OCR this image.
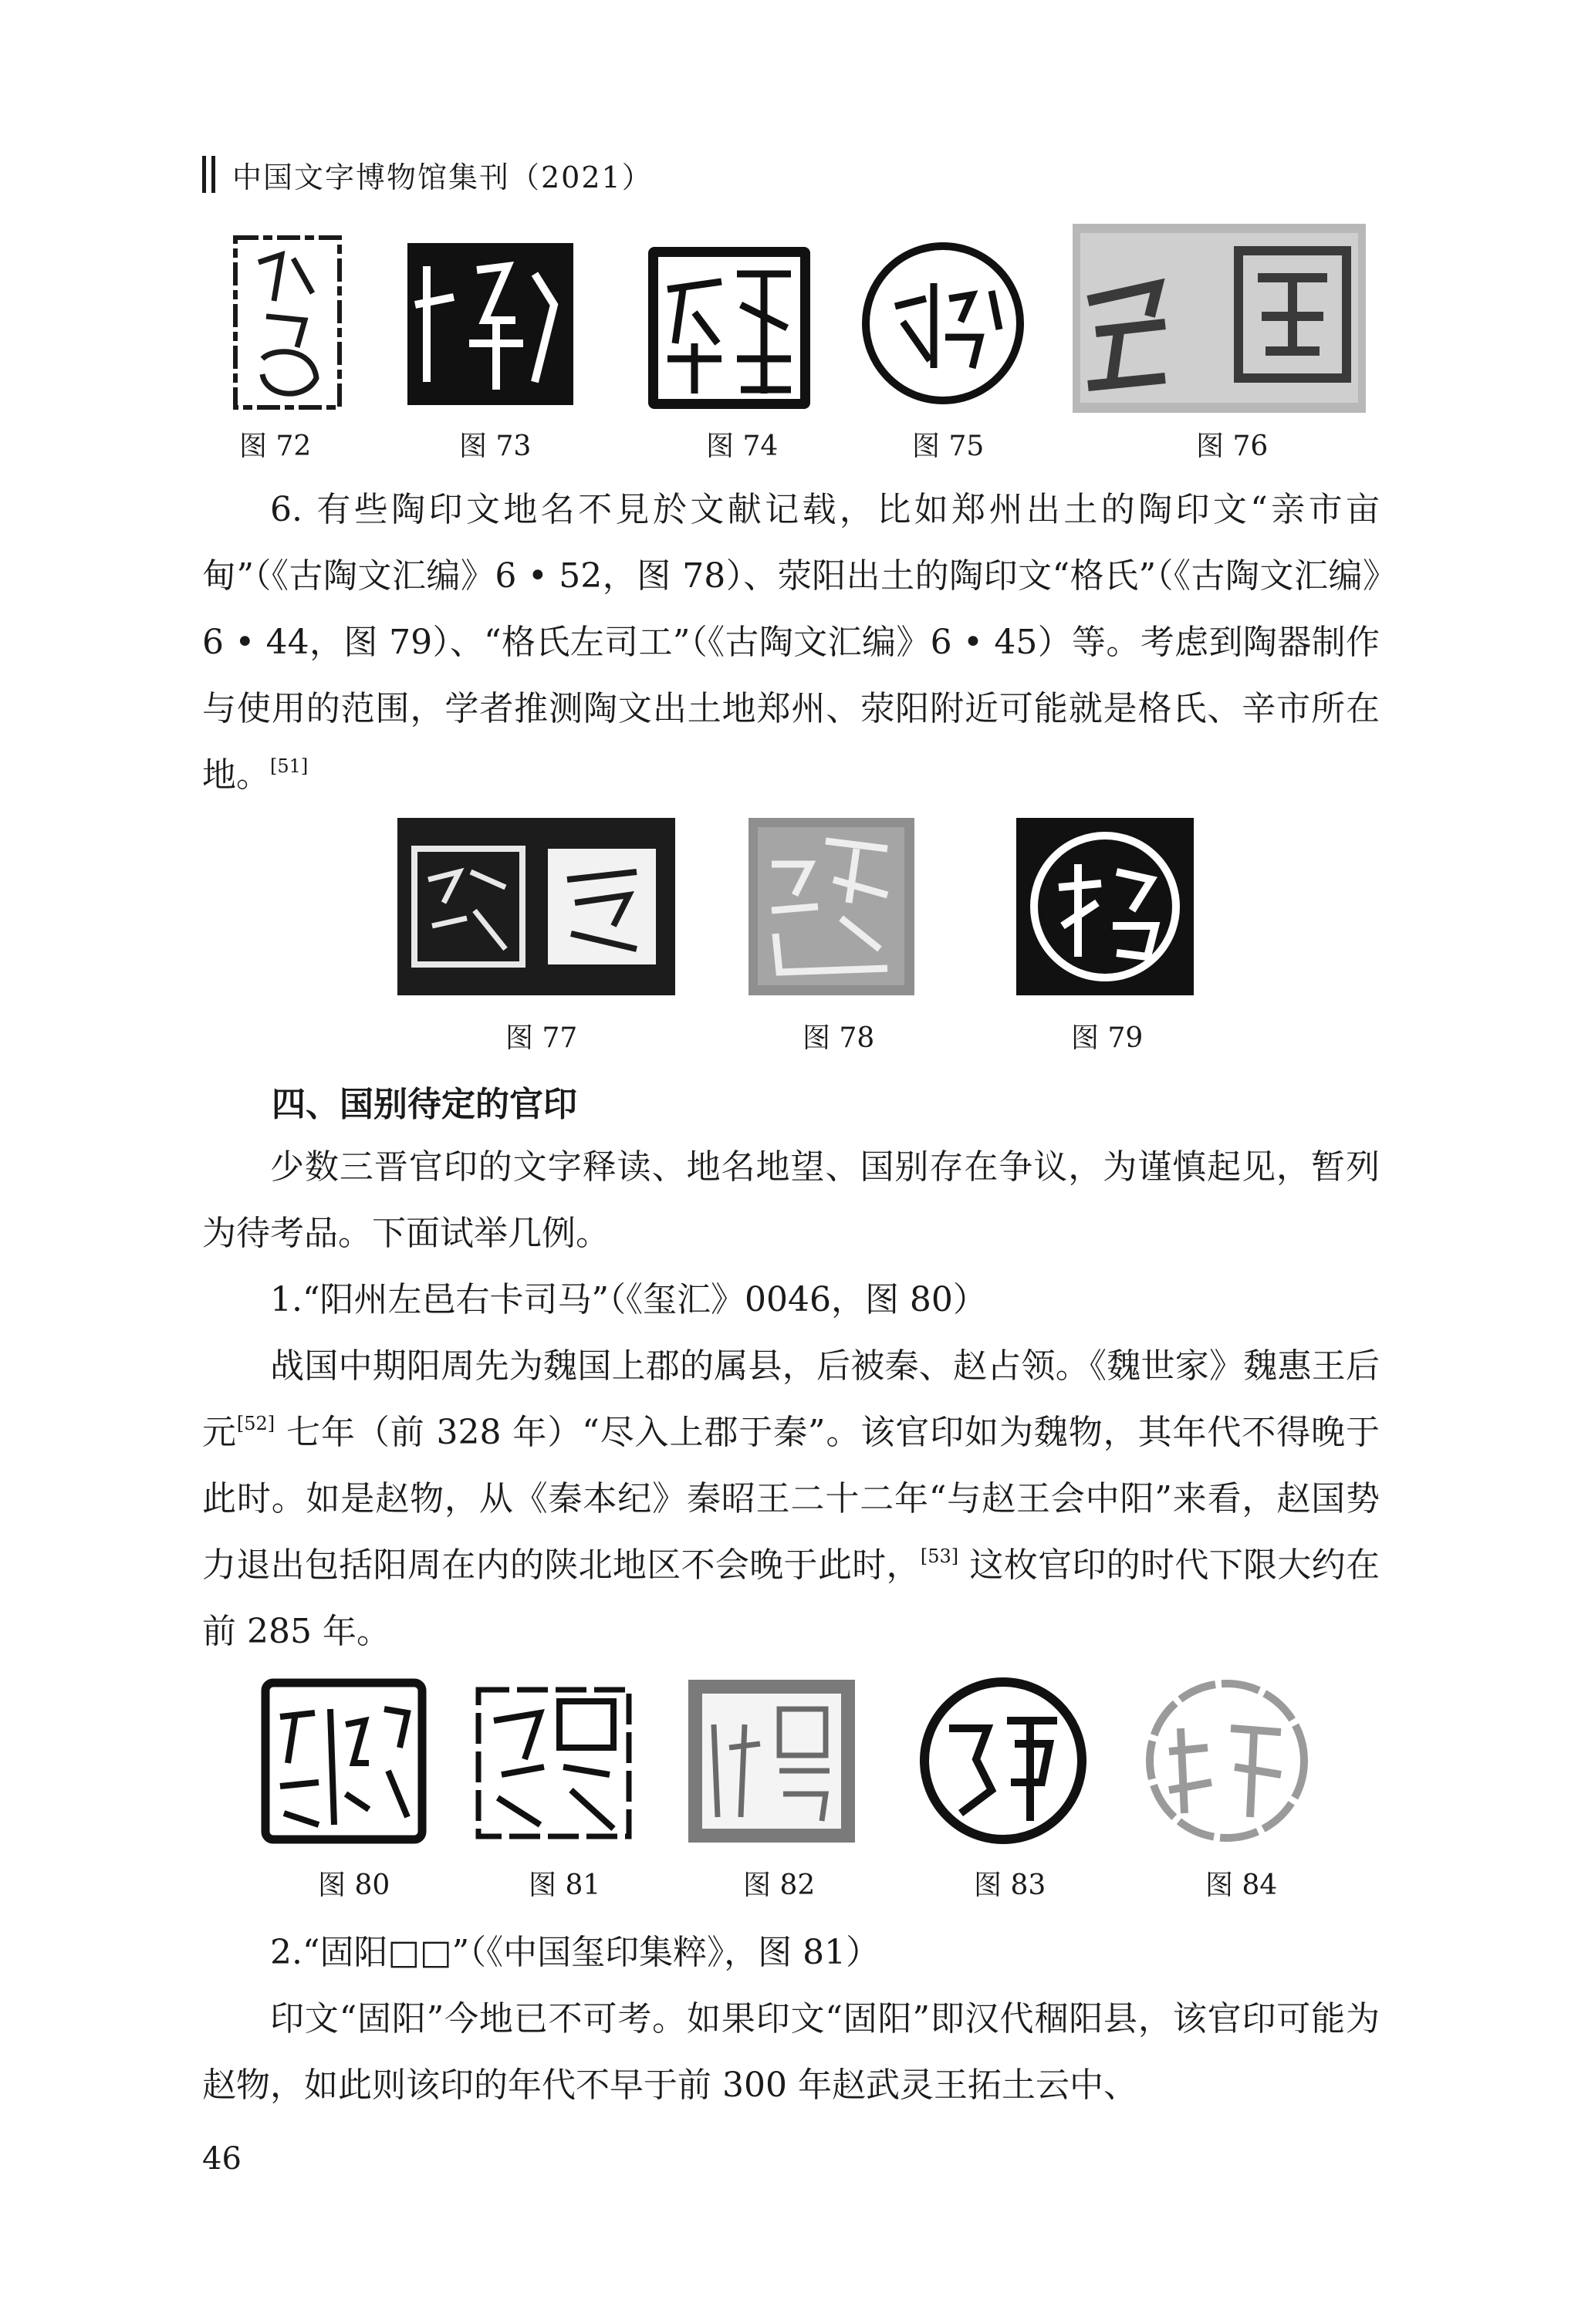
中国文字博物馆集刊（2021）
图 72	图 73	图 74	图 75	图 76
6. 有些陶印文地名不見於文献记载，比如郑州出土的陶印文“亲市亩甸”（《古陶文汇编》6 • 52，图 78）、荥阳出土的陶印文“格氏”（《古陶文汇编》6 • 44，图 79）、“格氏左司工”（《古陶文汇编》6 • 45）等。考虑到陶器制作与使用的范围，学者推测陶文出土地郑州、荥阳附近可能就是格氏、辛市所在地。[51]
图 77	图 78	图 79
四、国别待定的官印
少数三晋官印的文字释读、地名地望、国别存在争议，为谨慎起见，暂列为待考品。下面试举几例。
1.“阳州左邑右卡司马”（《玺汇》0046，图 80）
战国中期阳周先为魏国上郡的属县，后被秦、赵占领。《魏世家》魏惠王后元[52] 七年（前 328 年）“尽入上郡于秦”。该官印如为魏物，其年代不得晚于此时。如是赵物，从《秦本纪》秦昭王二十二年“与赵王会中阳”来看，赵国势力退出包括阳周在内的陕北地区不会晚于此时，[53] 这枚官印的时代下限大约在前 285 年。
图 80	图 81	图 82	图 83	图 84
2.“固阳□□”（《中国玺印集粹》，图 81）
印文“固阳”今地已不可考。如果印文“固阳”即汉代稒阳县，该官印可能为赵物，如此则该印的年代不早于前 300 年赵武灵王拓土云中、
46
